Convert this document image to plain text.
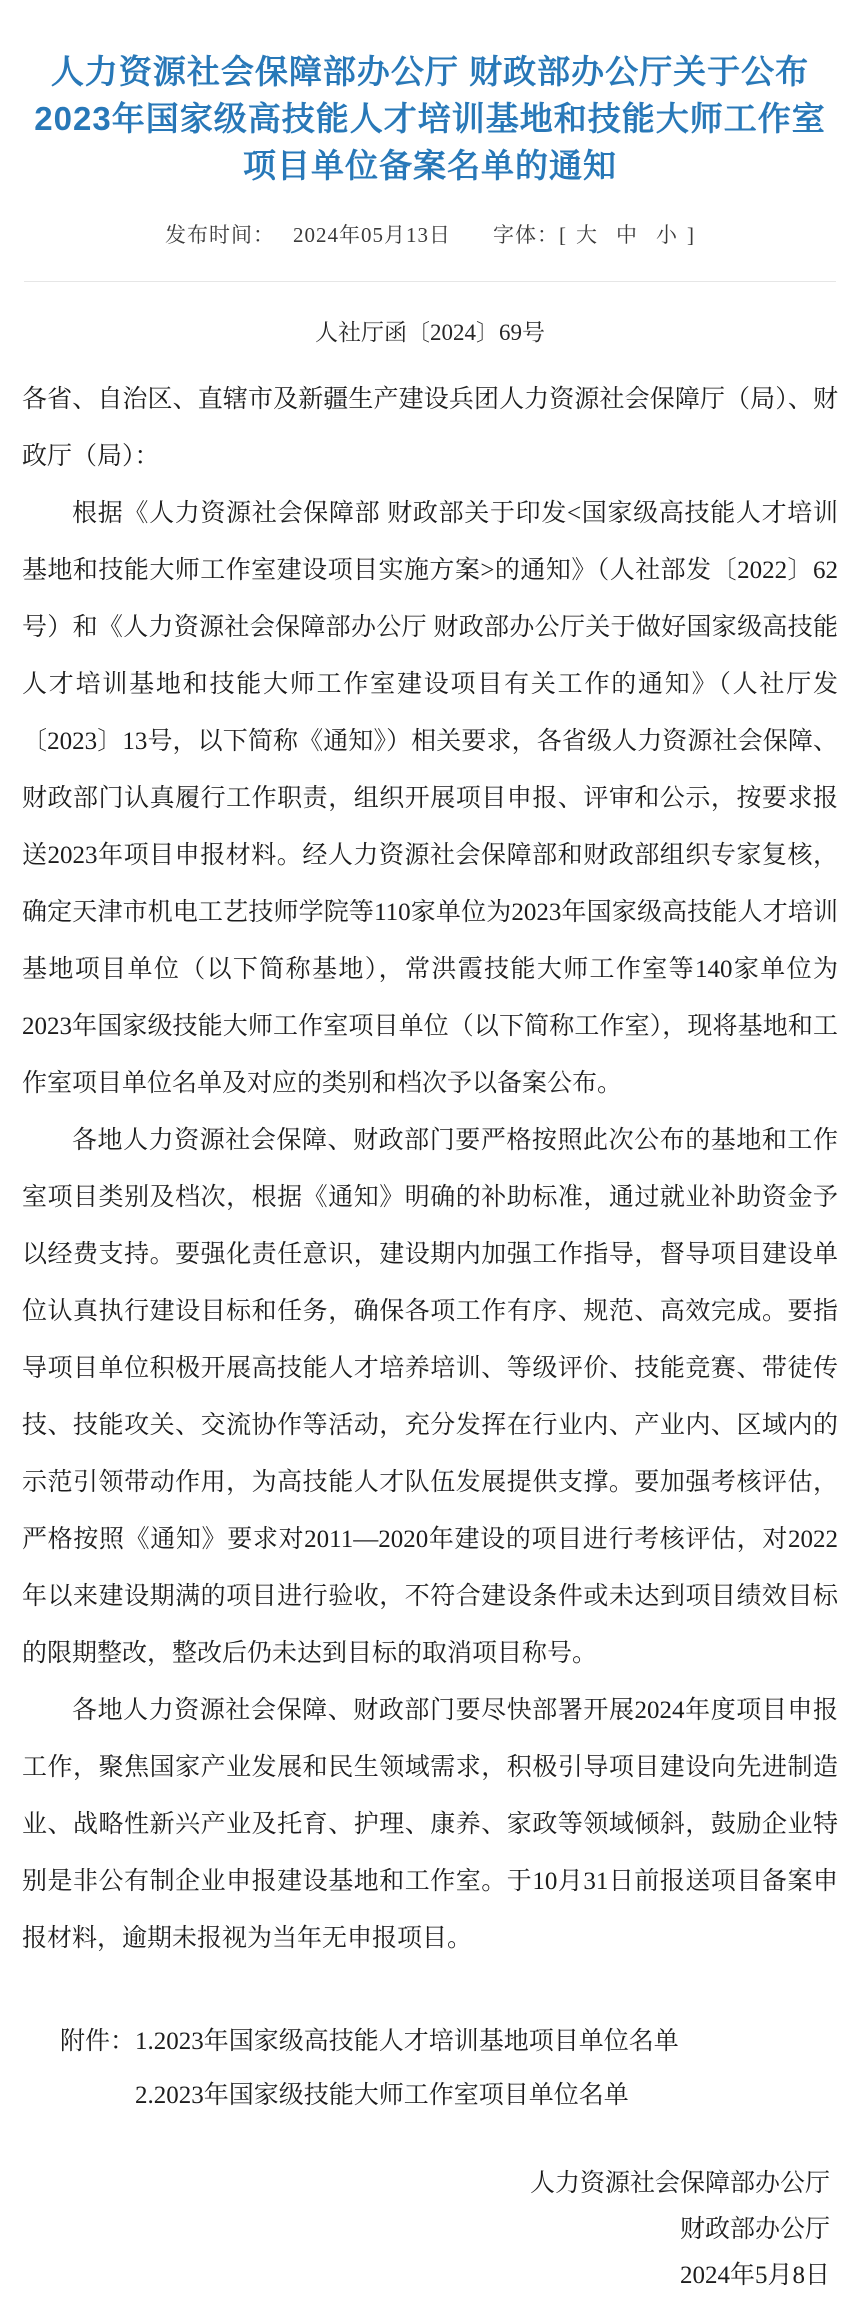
人力资源社会保障部办公厅 财政部办公厅关于公布2023年国家级高技能人才培训基地和技能大师工作室项目单位备案名单的通知
发布时间： 2024年05月13日 字体：[ 大 中 小 ]
人社厅函〔2024〕69号

各省、自治区、直辖市及新疆生产建设兵团人力资源社会保障厅（局）、财政厅（局）：

根据《人力资源社会保障部 财政部关于印发<国家级高技能人才培训基地和技能大师工作室建设项目实施方案>的通知》（人社部发〔2022〕62号）和《人力资源社会保障部办公厅 财政部办公厅关于做好国家级高技能人才培训基地和技能大师工作室建设项目有关工作的通知》（人社厅发〔2023〕13号，以下简称《通知》）相关要求，各省级人力资源社会保障、财政部门认真履行工作职责，组织开展项目申报、评审和公示，按要求报送2023年项目申报材料。经人力资源社会保障部和财政部组织专家复核，确定天津市机电工艺技师学院等110家单位为2023年国家级高技能人才培训基地项目单位（以下简称基地），常洪霞技能大师工作室等140家单位为2023年国家级技能大师工作室项目单位（以下简称工作室），现将基地和工作室项目单位名单及对应的类别和档次予以备案公布。

各地人力资源社会保障、财政部门要严格按照此次公布的基地和工作室项目类别及档次，根据《通知》明确的补助标准，通过就业补助资金予以经费支持。要强化责任意识，建设期内加强工作指导，督导项目建设单位认真执行建设目标和任务，确保各项工作有序、规范、高效完成。要指导项目单位积极开展高技能人才培养培训、等级评价、技能竞赛、带徒传技、技能攻关、交流协作等活动，充分发挥在行业内、产业内、区域内的示范引领带动作用，为高技能人才队伍发展提供支撑。要加强考核评估，严格按照《通知》要求对2011—2020年建设的项目进行考核评估，对2022年以来建设期满的项目进行验收，不符合建设条件或未达到项目绩效目标的限期整改，整改后仍未达到目标的取消项目称号。

各地人力资源社会保障、财政部门要尽快部署开展2024年度项目申报工作，聚焦国家产业发展和民生领域需求，积极引导项目建设向先进制造业、战略性新兴产业及托育、护理、康养、家政等领域倾斜，鼓励企业特别是非公有制企业申报建设基地和工作室。于10月31日前报送项目备案申报材料，逾期未报视为当年无申报项目。

附件： 1.2023年国家级高技能人才培训基地项目单位名单
2.2023年国家级技能大师工作室项目单位名单
人力资源社会保障部办公厅
财政部办公厅
2024年5月8日
